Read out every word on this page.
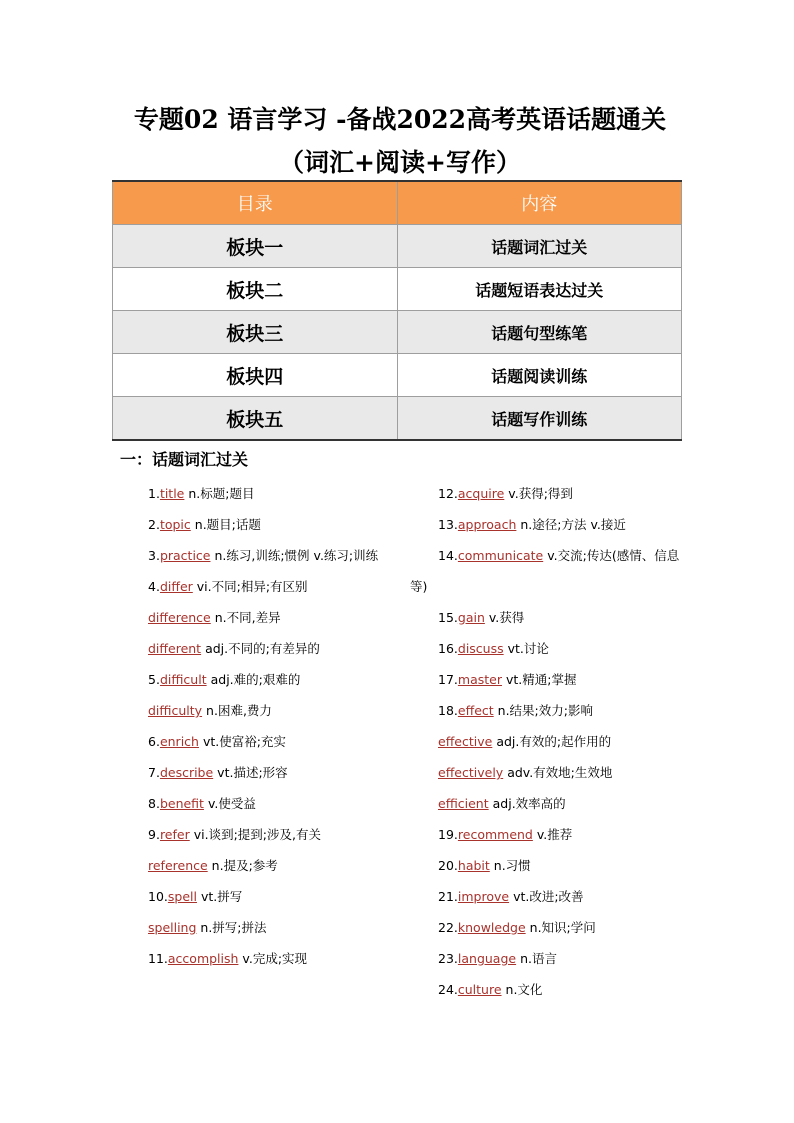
专题02 语言学习 -备战2022高考英语话题通关（词汇+阅读+写作）
目录	内容
板块一	话题词汇过关
板块二	话题短语表达过关
板块三	话题句型练笔
板块四	话题阅读训练
板块五	话题写作训练
一：话题词汇过关
1.title n.标题;题目
2.topic n.题目;话题
3.practice n.练习,训练;惯例 v.练习;训练
4.differ vi.不同;相异;有区别
difference n.不同,差异
different adj.不同的;有差异的
5.difficult adj.难的;艰难的
difficulty n.困难,费力
6.enrich vt.使富裕;充实
7.describe vt.描述;形容
8.benefit v.使受益
9.refer vi.谈到;提到;涉及,有关
reference n.提及;参考
10.spell vt.拼写
spelling n.拼写;拼法
11.accomplish v.完成;实现
12.acquire v.获得;得到
13.approach n.途径;方法 v.接近
14.communicate v.交流;传达(感情、信息等)
15.gain v.获得
16.discuss vt.讨论
17.master vt.精通;掌握
18.effect n.结果;效力;影响
effective adj.有效的;起作用的
effectively adv.有效地;生效地
efficient adj.效率高的
19.recommend v.推荐
20.habit n.习惯
21.improve vt.改进;改善
22.knowledge n.知识;学问
23.language n.语言
24.culture n.文化
